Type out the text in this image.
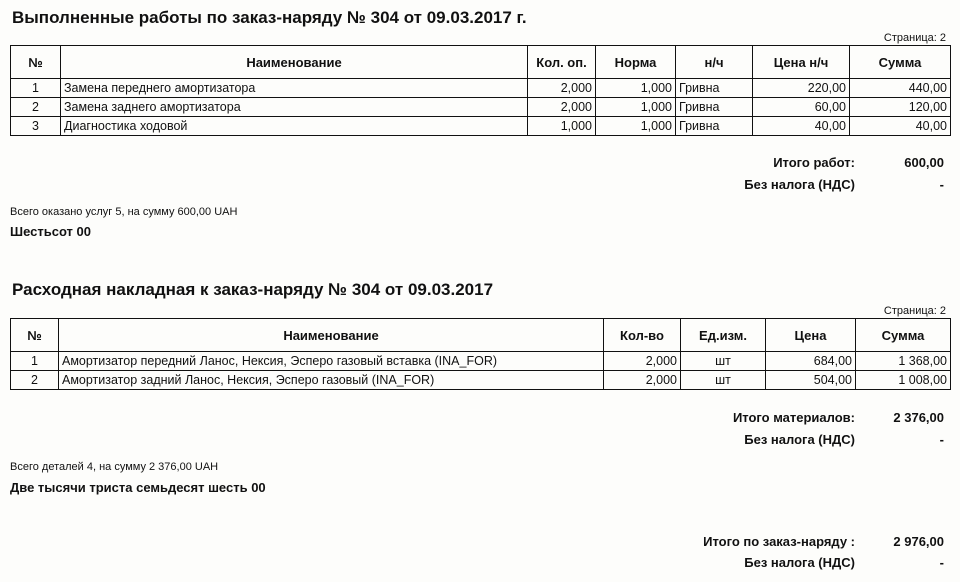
Выполненные работы по заказ-наряду № 304 от 09.03.2017 г.
Страница: 2
№	Наименование	Кол. оп.	Норма	н/ч	Цена н/ч	Сумма
1	Замена переднего амортизатора	2,000	1,000	Гривна	220,00	440,00
2	Замена заднего амортизатора	2,000	1,000	Гривна	60,00	120,00
3	Диагностика ходовой	1,000	1,000	Гривна	40,00	40,00
Итого работ:	600,00
Без налога (НДС)	-
Всего оказано услуг 5, на сумму 600,00 UAH
Шестьсот 00
Расходная накладная к заказ-наряду № 304 от 09.03.2017
Страница: 2
№	Наименование	Кол-во	Ед.изм.	Цена	Сумма
1	Амортизатор передний Ланос, Нексия, Эсперо газовый вставка (INA_FOR)	2,000	шт	684,00	1 368,00
2	Амортизатор задний Ланос, Нексия, Эсперо газовый (INA_FOR)	2,000	шт	504,00	1 008,00
Итого материалов:	2 376,00
Без налога (НДС)	-
Всего деталей 4, на сумму 2 376,00 UAH
Две тысячи триста семьдесят шесть 00
Итого по заказ-наряду :	2 976,00
Без налога (НДС)	-
